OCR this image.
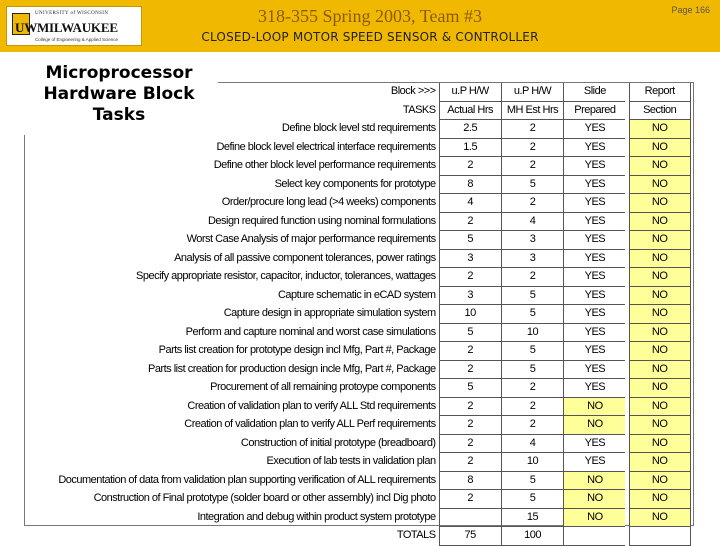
UNIVERSITY of WISCONSIN
UWMILWAUKEE
College of Engineering & Applied Science
318-355 Spring 2003, Team #3
CLOSED-LOOP MOTOR SPEED SENSOR & CONTROLLER
Page 166
Microprocessor Hardware Block Tasks
Block >>>	u.P H/W	u.P H/W	Slide		Report	
TASKS	Actual Hrs	MH Est Hrs	Prepared		Section	
Define block level std requirements	2.5	2	YES		NO	
Define block level electrical interface requirements	1.5	2	YES		NO	
Define other block level performance requirements	2	2	YES		NO	
Select key components for prototype	8	5	YES		NO	
Order/procure long lead (>4 weeks) components	4	2	YES		NO	
Design required function using nominal formulations	2	4	YES		NO	
Worst Case Analysis of major performance requirements	5	3	YES		NO	
Analysis of all passive component tolerances, power ratings	3	3	YES		NO	
Specify appropriate resistor, capacitor, inductor, tolerances, wattages	2	2	YES		NO	
Capture schematic in eCAD system	3	5	YES		NO	
Capture design in appropriate simulation system	10	5	YES		NO	
Perform and capture nominal and worst case simulations	5	10	YES		NO	
Parts list creation for prototype design incl Mfg, Part #, Package	2	5	YES		NO	
Parts list creation for production design incle Mfg, Part #, Package	2	5	YES		NO	
Procurement of all remaining protoype components	5	2	YES		NO	
Creation of validation plan to verify ALL Std requirements	2	2	NO		NO	
Creation of validation plan to verify ALL Perf requirements	2	2	NO		NO	
Construction of initial prototype (breadboard)	2	4	YES		NO	
Execution of lab tests in validation plan	2	10	YES		NO	
Documentation of data from validation plan supporting verification of ALL requirements	8	5	NO		NO	
Construction of Final prototype (solder board or other assembly) incl Dig photo	2	5	NO		NO	
Integration and debug within product system prototype		15	NO		NO	
TOTALS	75	100				
